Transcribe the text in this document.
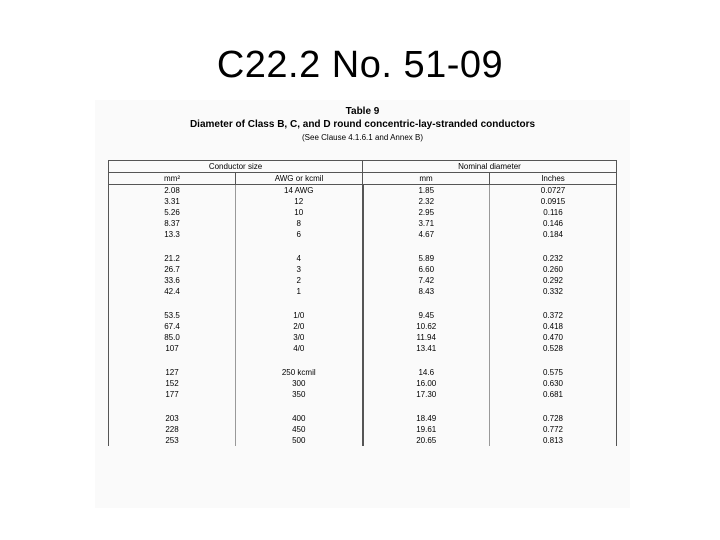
C22.2 No. 51-09
Table 9
Diameter of Class B, C, and D round concentric-lay-stranded conductors
(See Clause 4.1.6.1 and Annex B)
Conductor size		Nominal diameter	
mm²	AWG or kcmil	mm	Inches
2.08	14 AWG	1.85	0.0727
3.31	12	2.32	0.0915
5.26	10	2.95	0.116
8.37	8	3.71	0.146
13.3	6	4.67	0.184

21.2	4	5.89	0.232
26.7	3	6.60	0.260
33.6	2	7.42	0.292
42.4	1	8.43	0.332

53.5	1/0	9.45	0.372
67.4	2/0	10.62	0.418
85.0	3/0	11.94	0.470
107	4/0	13.41	0.528

127	250 kcmil	14.6	0.575
152	300	16.00	0.630
177	350	17.30	0.681

203	400	18.49	0.728
228	450	19.61	0.772
253	500	20.65	0.813
